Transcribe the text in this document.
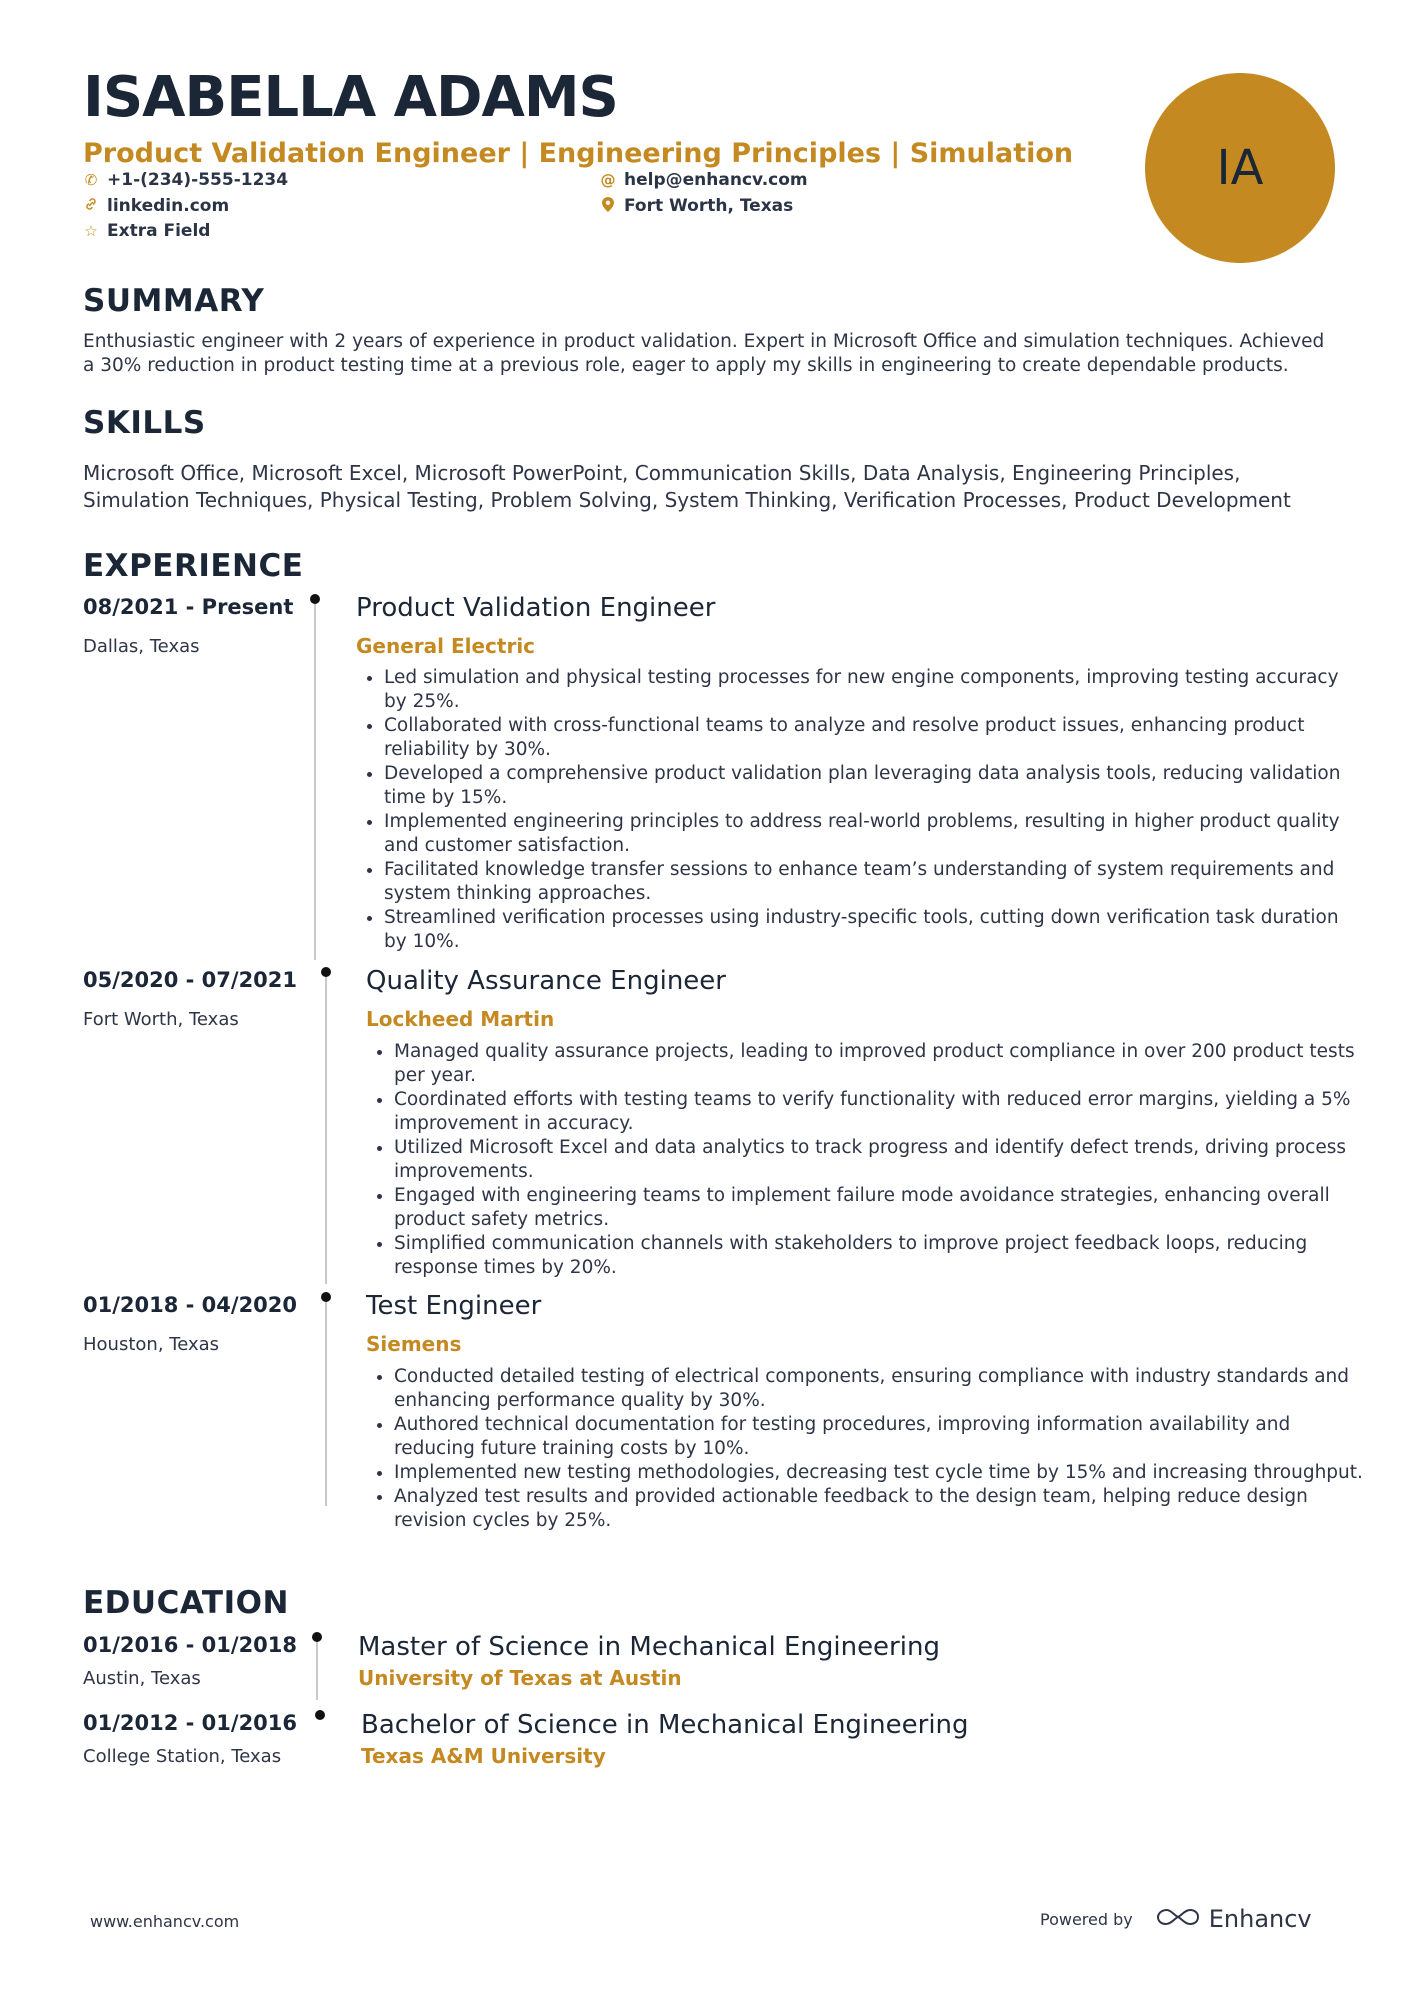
ISABELLA ADAMS
Product Validation Engineer | Engineering Principles | Simulation
✆ +1-(234)-555-1234	@ help@enhancv.com
linkedin.com	Fort Worth, Texas
☆ Extra Field
IA
SUMMARY
Enthusiastic engineer with 2 years of experience in product validation. Expert in Microsoft Office and simulation techniques. Achieved a 30% reduction in product testing time at a previous role, eager to apply my skills in engineering to create dependable products.
SKILLS
Microsoft Office, Microsoft Excel, Microsoft PowerPoint, Communication Skills, Data Analysis, Engineering Principles, Simulation Techniques, Physical Testing, Problem Solving, System Thinking, Verification Processes, Product Development
EXPERIENCE
08/2021 - Present
Dallas, Texas
Product Validation Engineer
General Electric
• Led simulation and physical testing processes for new engine components, improving testing accuracy by 25%.
• Collaborated with cross-functional teams to analyze and resolve product issues, enhancing product reliability by 30%.
• Developed a comprehensive product validation plan leveraging data analysis tools, reducing validation time by 15%.
• Implemented engineering principles to address real-world problems, resulting in higher product quality and customer satisfaction.
• Facilitated knowledge transfer sessions to enhance team’s understanding of system requirements and system thinking approaches.
• Streamlined verification processes using industry-specific tools, cutting down verification task duration by 10%.
05/2020 - 07/2021
Fort Worth, Texas
Quality Assurance Engineer
Lockheed Martin
• Managed quality assurance projects, leading to improved product compliance in over 200 product tests per year.
• Coordinated efforts with testing teams to verify functionality with reduced error margins, yielding a 5% improvement in accuracy.
• Utilized Microsoft Excel and data analytics to track progress and identify defect trends, driving process improvements.
• Engaged with engineering teams to implement failure mode avoidance strategies, enhancing overall product safety metrics.
• Simplified communication channels with stakeholders to improve project feedback loops, reducing response times by 20%.
01/2018 - 04/2020
Houston, Texas
Test Engineer
Siemens
• Conducted detailed testing of electrical components, ensuring compliance with industry standards and enhancing performance quality by 30%.
• Authored technical documentation for testing procedures, improving information availability and reducing future training costs by 10%.
• Implemented new testing methodologies, decreasing test cycle time by 15% and increasing throughput.
• Analyzed test results and provided actionable feedback to the design team, helping reduce design revision cycles by 25%.
EDUCATION
01/2016 - 01/2018
Austin, Texas
Master of Science in Mechanical Engineering
University of Texas at Austin
01/2012 - 01/2016
College Station, Texas
Bachelor of Science in Mechanical Engineering
Texas A&M University
www.enhancv.com	Powered by	Enhancv
